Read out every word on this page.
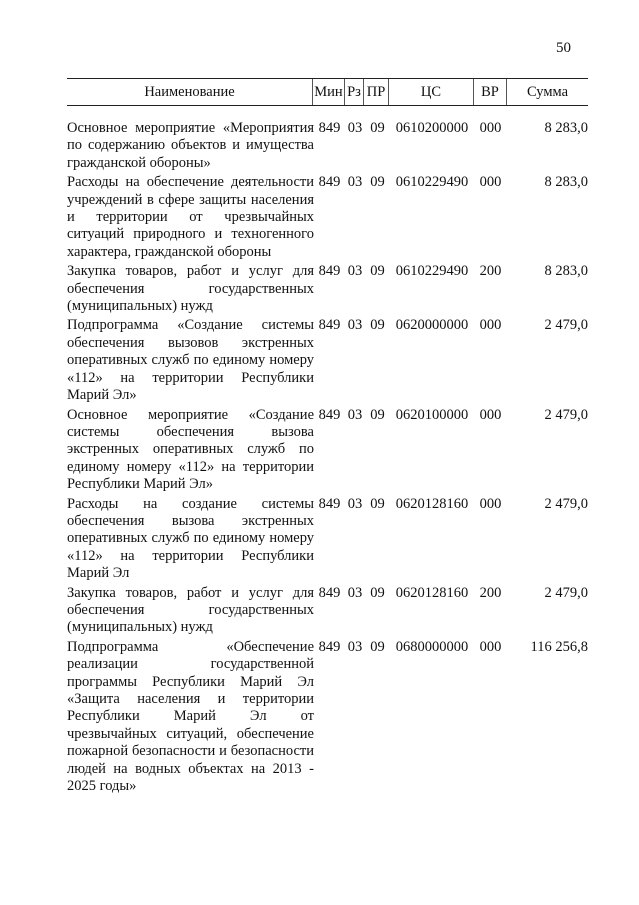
50
Наименование	Мин	Рз	ПР	ЦС	ВР	Сумма
Основное мероприятие «Мероприятия по содержанию объектов и имущества гражданской обороны»
849 03 09 0610200000 000	8 283,0
Расходы на обеспечение деятельности учреждений в сфере защиты населения и территории от чрезвычайных ситуаций природного и техногенного характера, гражданской обороны
849 03 09 0610229490 000	8 283,0
Закупка товаров, работ и услуг для обеспечения государственных (муниципальных) нужд
849 03 09 0610229490 200	8 283,0
Подпрограмма «Создание системы обеспечения вызовов экстренных оперативных служб по единому номеру «112» на территории Республики Марий Эл»
849 03 09 0620000000 000	2 479,0
Основное мероприятие «Создание системы обеспечения вызова экстренных оперативных служб по единому номеру «112» на территории Республики Марий Эл»
849 03 09 0620100000 000	2 479,0
Расходы на создание системы обеспечения вызова экстренных оперативных служб по единому номеру «112» на территории Республики Марий Эл
849 03 09 0620128160 000	2 479,0
Закупка товаров, работ и услуг для обеспечения государственных (муниципальных) нужд
849 03 09 0620128160 200	2 479,0
Подпрограмма «Обеспечение реализации государственной программы Республики Марий Эл «Защита населения и территории Республики Марий Эл от чрезвычайных ситуаций, обеспечение пожарной безопасности и безопасности людей на водных объектах на 2013 - 2025 годы»
849 03 09 0680000000 000	116 256,8
